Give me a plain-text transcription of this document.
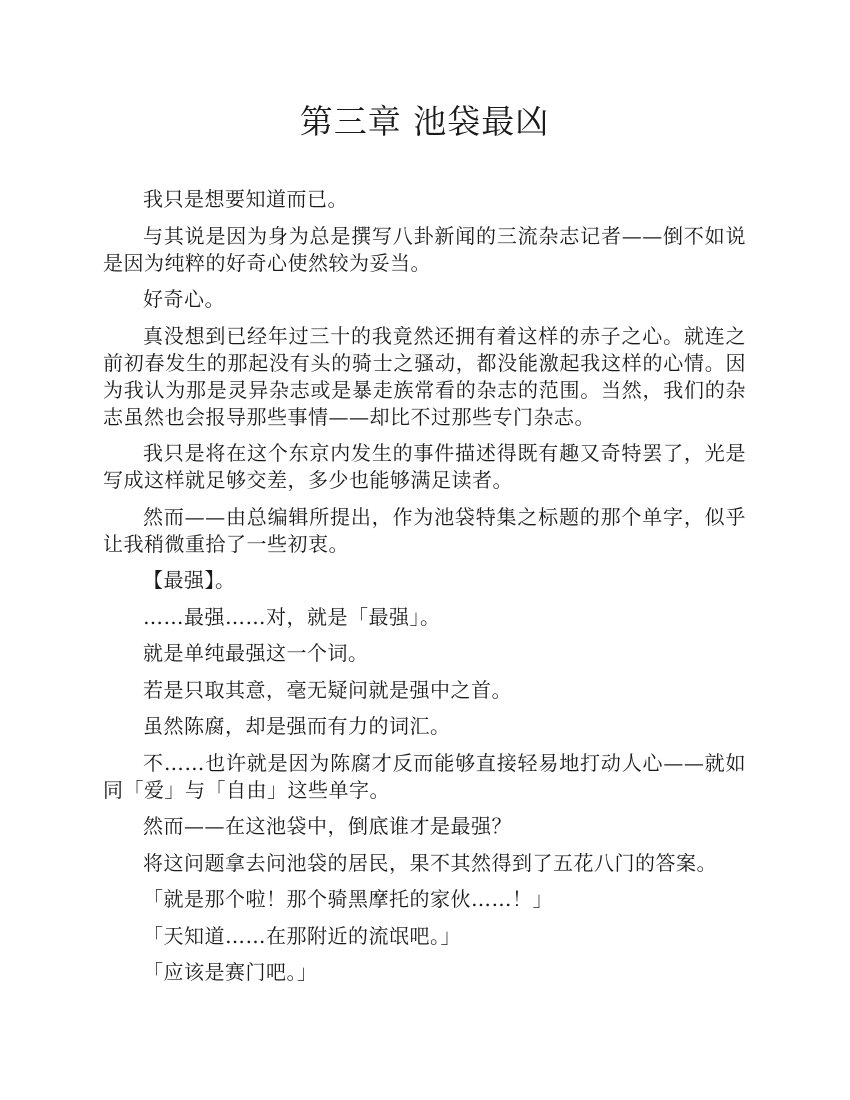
第三章 池袋最凶

我只是想要知道而已。

与其说是因为身为总是撰写八卦新闻的三流杂志记者——倒不如说是因为纯粹的好奇心使然较为妥当。

好奇心。

真没想到已经年过三十的我竟然还拥有着这样的赤子之心。就连之前初春发生的那起没有头的骑士之骚动，都没能激起我这样的心情。因为我认为那是灵异杂志或是暴走族常看的杂志的范围。当然，我们的杂志虽然也会报导那些事情——却比不过那些专门杂志。

我只是将在这个东京内发生的事件描述得既有趣又奇特罢了，光是写成这样就足够交差，多少也能够满足读者。

然而——由总编辑所提出，作为池袋特集之标题的那个单字，似乎让我稍微重拾了一些初衷。

【最强】。

……最强……对，就是「最强」。

就是单纯最强这一个词。

若是只取其意，毫无疑问就是强中之首。

虽然陈腐，却是强而有力的词汇。

不……也许就是因为陈腐才反而能够直接轻易地打动人心——就如同「爱」与「自由」这些单字。

然而——在这池袋中，倒底谁才是最强？

将这问题拿去问池袋的居民，果不其然得到了五花八门的答案。

「就是那个啦！那个骑黑摩托的家伙……！」

「天知道……在那附近的流氓吧。」

「应该是赛门吧。」
